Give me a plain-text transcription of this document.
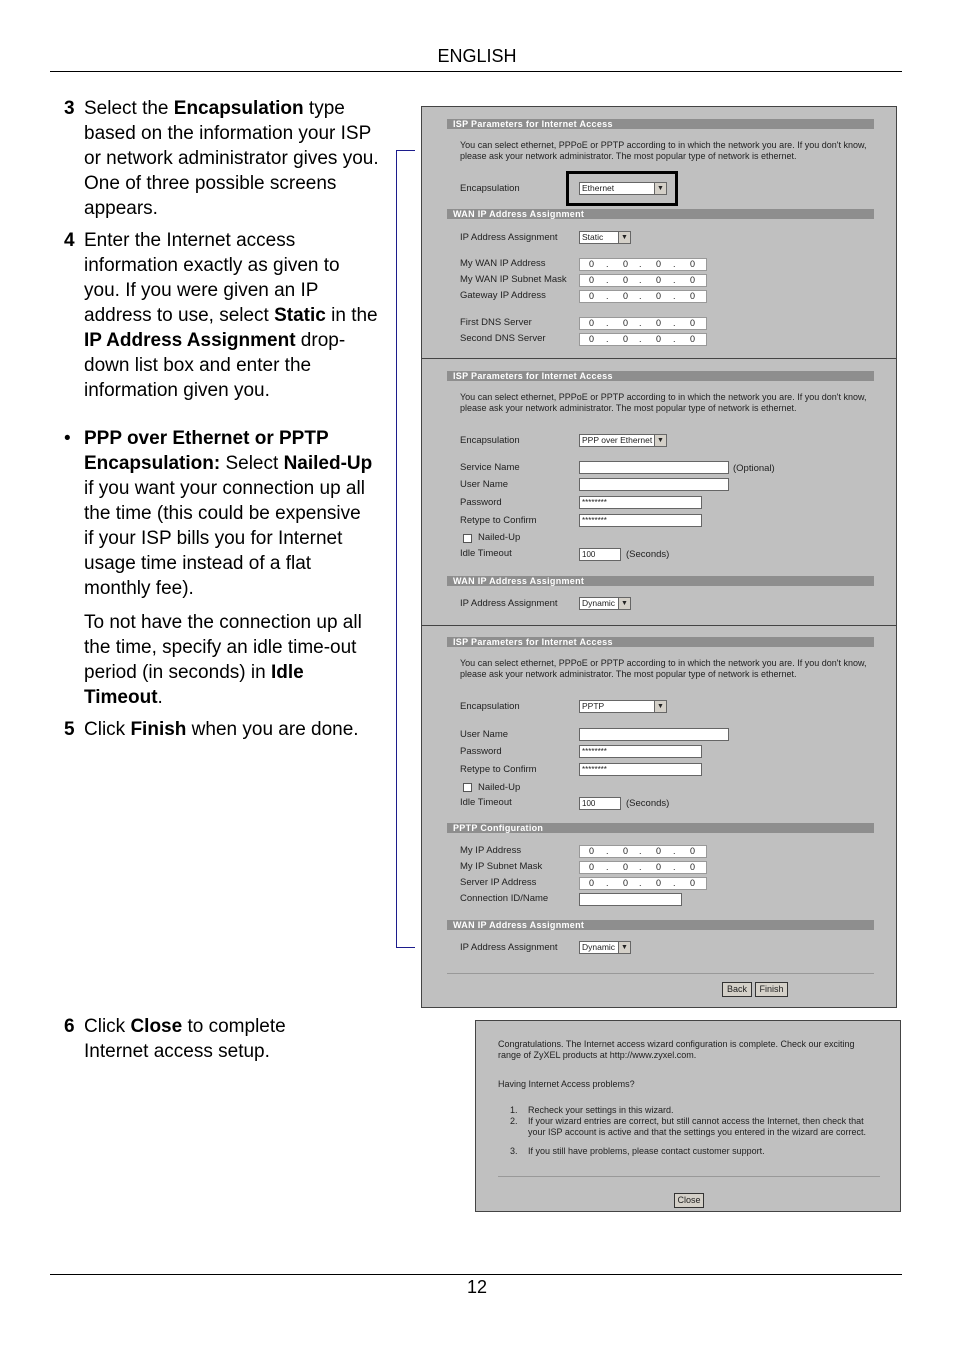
ENGLISH
3 Select the Encapsulation type based on the information your ISP or network administrator gives you. One of three possible screens appears.
4 Enter the Internet access information exactly as given to you. If you were given an IP address to use, select Static in the IP Address Assignment drop-down list box and enter the information given you.
• PPP over Ethernet or PPTP Encapsulation: Select Nailed-Up if you want your connection up all the time (this could be expensive if your ISP bills you for Internet usage time instead of a flat monthly fee).
To not have the connection up all the time, specify an idle time-out period (in seconds) in Idle Timeout.
5 Click Finish when you are done.
6 Click Close to complete Internet access setup.
ISP Parameters for Internet Access
You can select ethernet, PPPoE or PPTP according to in which the network you are. If you don't know, please ask your network administrator. The most popular type of network is ethernet.
Encapsulation	Ethernet	▼
WAN IP Address Assignment
IP Address Assignment	Static	▼
My WAN IP Address	0 . 0 . 0 . 0
My WAN IP Subnet Mask 0 . 0 . 0 . 0
Gateway IP Address	0 . 0 . 0 . 0
First DNS Server	0 . 0 . 0 . 0
Second DNS Server	0 . 0 . 0 . 0
ISP Parameters for Internet Access
You can select ethernet, PPPoE or PPTP according to in which the network you are. If you don't know, please ask your network administrator. The most popular type of network is ethernet.
Encapsulation	PPP over Ethernet ▼
Service Name	(Optional)
User Name
Password	********
Retype to Confirm	********
Nailed-Up
Idle Timeout	100	(Seconds)
WAN IP Address Assignment
IP Address Assignment	Dynamic ▼
ISP Parameters for Internet Access
You can select ethernet, PPPoE or PPTP according to in which the network you are. If you don't know, please ask your network administrator. The most popular type of network is ethernet.
Encapsulation	PPTP	▼
User Name
Password	********
Retype to Confirm	********
Nailed-Up
Idle Timeout	100	(Seconds)
PPTP Configuration
My IP Address	0 . 0 . 0 . 0
My IP Subnet Mask	0 . 0 . 0 . 0
Server IP Address	0 . 0 . 0 . 0
Connection ID/Name
WAN IP Address Assignment
IP Address Assignment	Dynamic ▼
Back	Finish
Congratulations. The Internet access wizard configuration is complete. Check our exciting range of ZyXEL products at http://www.zyxel.com.
Having Internet Access problems?
1.	Recheck your settings in this wizard.
2.	If your wizard entries are correct, but still cannot access the Internet, then check that your ISP account is active and that the settings you entered in the wizard are correct.
3.	If you still have problems, please contact customer support.
Close
12
